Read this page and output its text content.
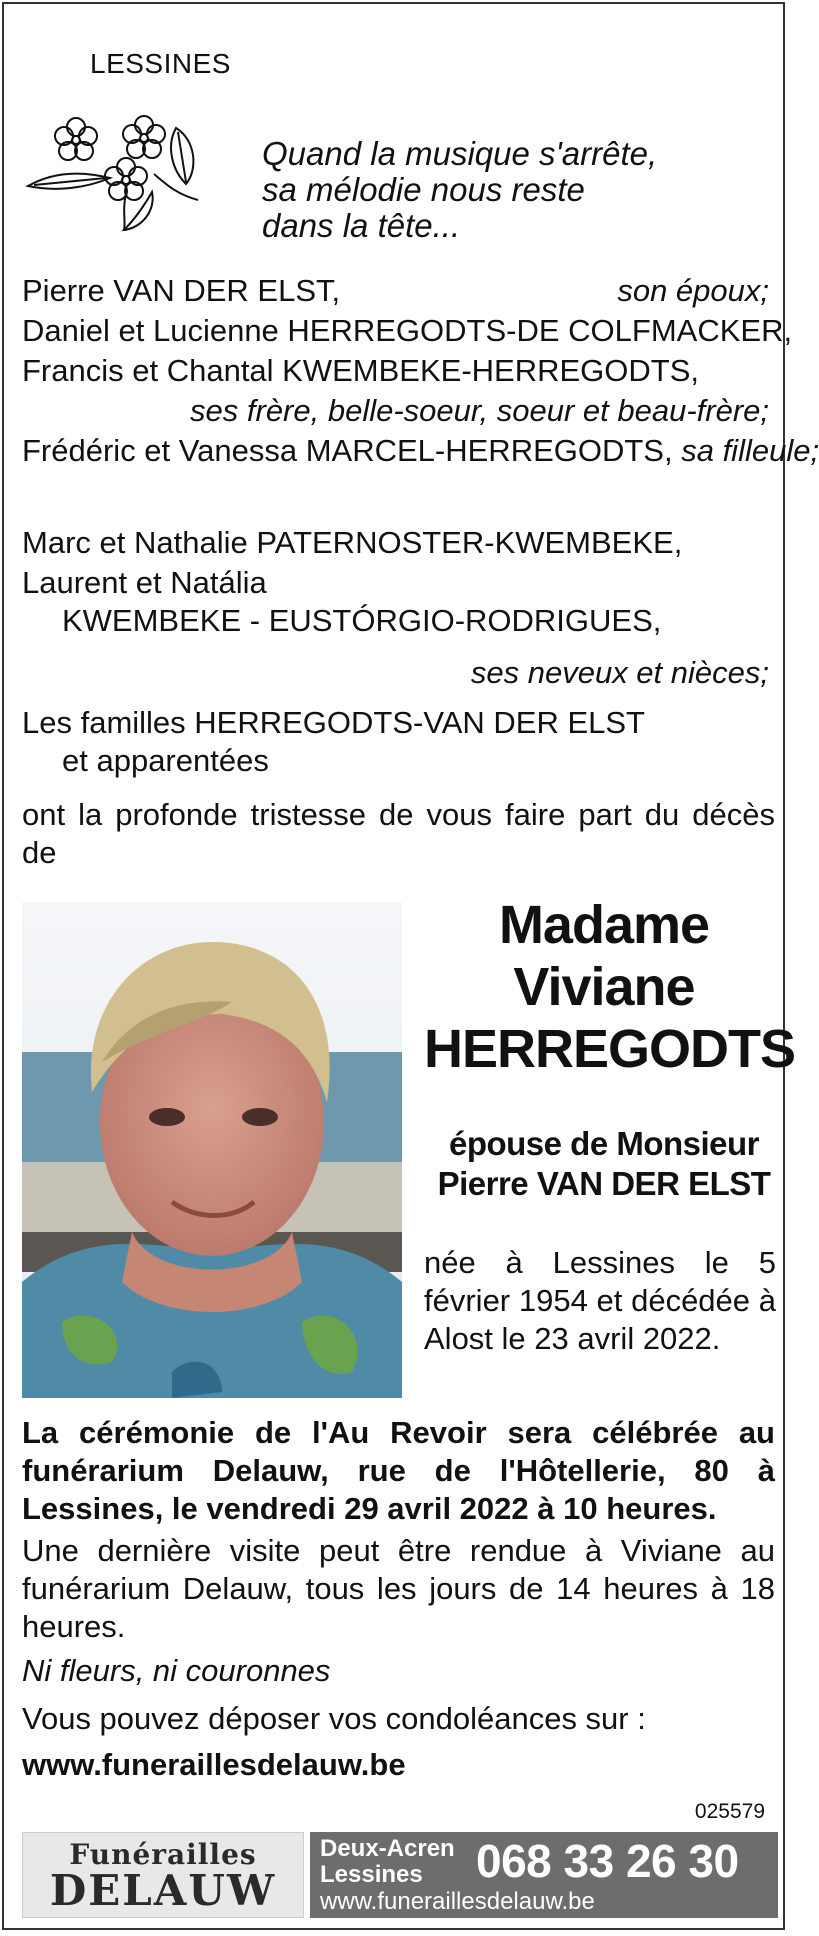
LESSINES
Quand la musique s'arrête,
sa mélodie nous reste
dans la tête...
Pierre VAN DER ELST,	son époux;
Daniel et Lucienne HERREGODTS-DE COLFMACKER,
Francis et Chantal KWEMBEKE-HERREGODTS,
ses frère, belle-soeur, soeur et beau-frère;
Frédéric et Vanessa MARCEL-HERREGODTS, sa filleule;
Marc et Nathalie PATERNOSTER-KWEMBEKE,
Laurent et Natália
KWEMBEKE - EUSTÓRGIO-RODRIGUES,
ses neveux et nièces;
Les familles HERREGODTS-VAN DER ELST
et apparentées
ont la profonde tristesse de vous faire part du décès de
Madame
Viviane
HERREGODTS
épouse de Monsieur
Pierre VAN DER ELST
née à Lessines le 5 février 1954 et décédée à Alost le 23 avril 2022.
La cérémonie de l'Au Revoir sera célébrée au funérarium Delauw, rue de l'Hôtellerie, 80 à Lessines, le vendredi 29 avril 2022 à 10 heures.
Une dernière visite peut être rendue à Viviane au funérarium Delauw, tous les jours de 14 heures à 18 heures.
Ni fleurs, ni couronnes
Vous pouvez déposer vos condoléances sur :
www.funeraillesdelauw.be
025579
Funérailles
DELAUW
Deux-Acren
Lessines	068 33 26 30
www.funeraillesdelauw.be
